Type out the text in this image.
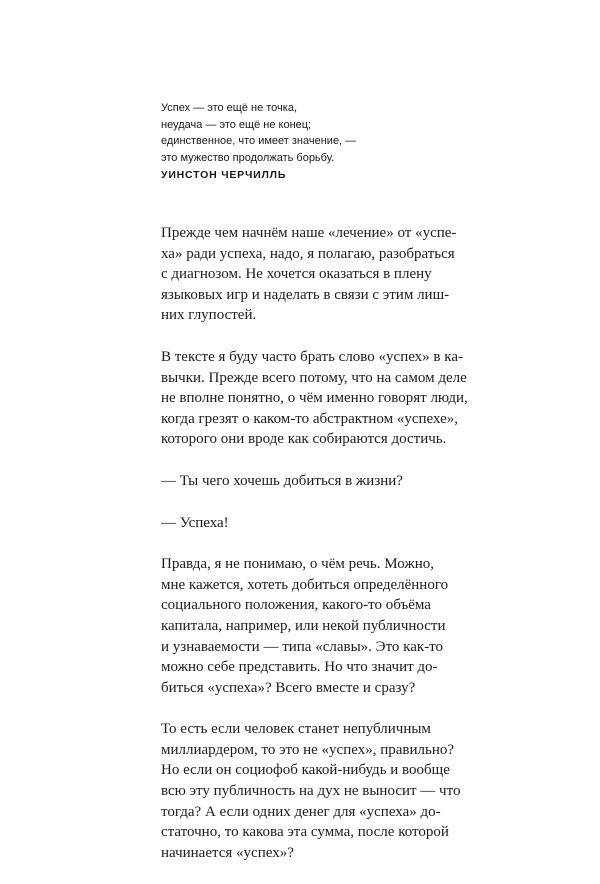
Успех — это ещё не точка,
неудача — это ещё не конец;
единственное, что имеет значение, —
это мужество продолжать борьбу.
УИНСТОН ЧЕРЧИЛЛЬ
Прежде чем начнём наше «лечение» от «успе-
ха» ради успеха, надо, я полагаю, разобраться
с диагнозом. Не хочется оказаться в плену
языковых игр и наделать в связи с этим лиш-
них глупостей.
В тексте я буду часто брать слово «успех» в ка-
вычки. Прежде всего потому, что на самом деле
не вполне понятно, о чём именно говорят люди,
когда грезят о каком-то абстрактном «успехе»,
которого они вроде как собираются достичь.
— Ты чего хочешь добиться в жизни?
— Успеха!
Правда, я не понимаю, о чём речь. Можно,
мне кажется, хотеть добиться определённого
социального положения, какого-то объёма
капитала, например, или некой публичности
и узнаваемости — типа «славы». Это как-то
можно себе представить. Но что значит до-
биться «успеха»? Всего вместе и сразу?
То есть если человек станет непубличным
миллиардером, то это не «успех», правильно?
Но если он социофоб какой-нибудь и вообще
всю эту публичность на дух не выносит — что
тогда? А если одних денег для «успеха» до-
статочно, то какова эта сумма, после которой
начинается «успех»?
